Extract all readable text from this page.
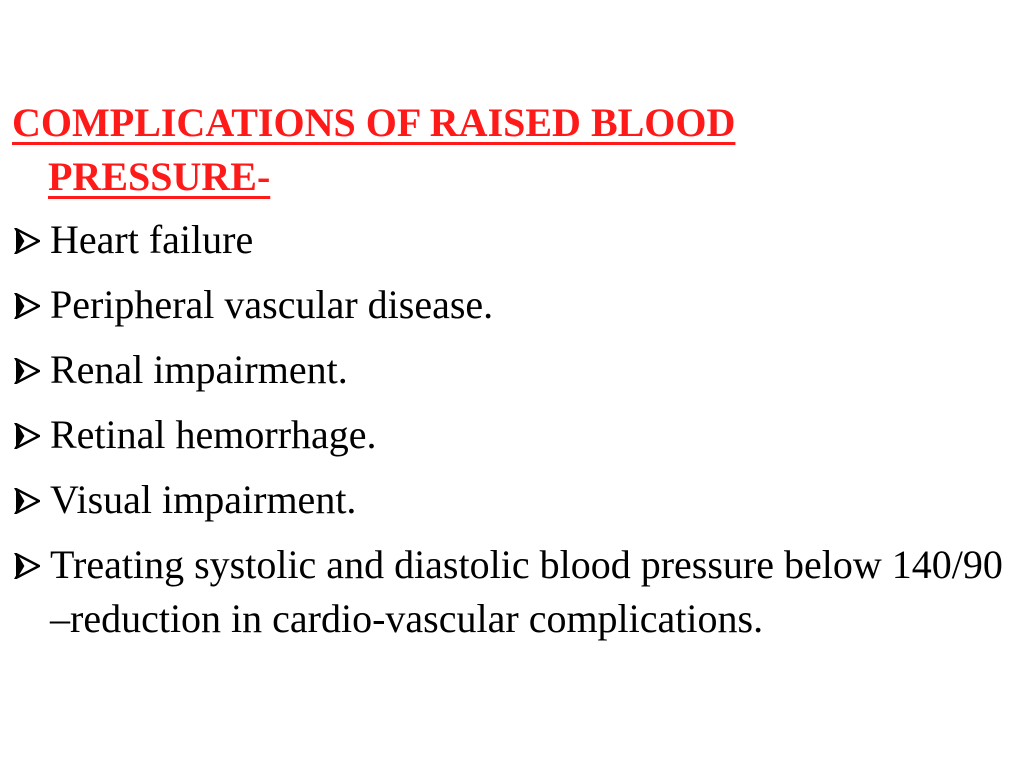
COMPLICATIONS OF RAISED BLOOD PRESSURE-
Heart failure
Peripheral vascular disease.
Renal impairment.
Retinal hemorrhage.
Visual impairment.
Treating systolic and diastolic blood pressure below 140/90 –reduction in cardio-vascular complications.
